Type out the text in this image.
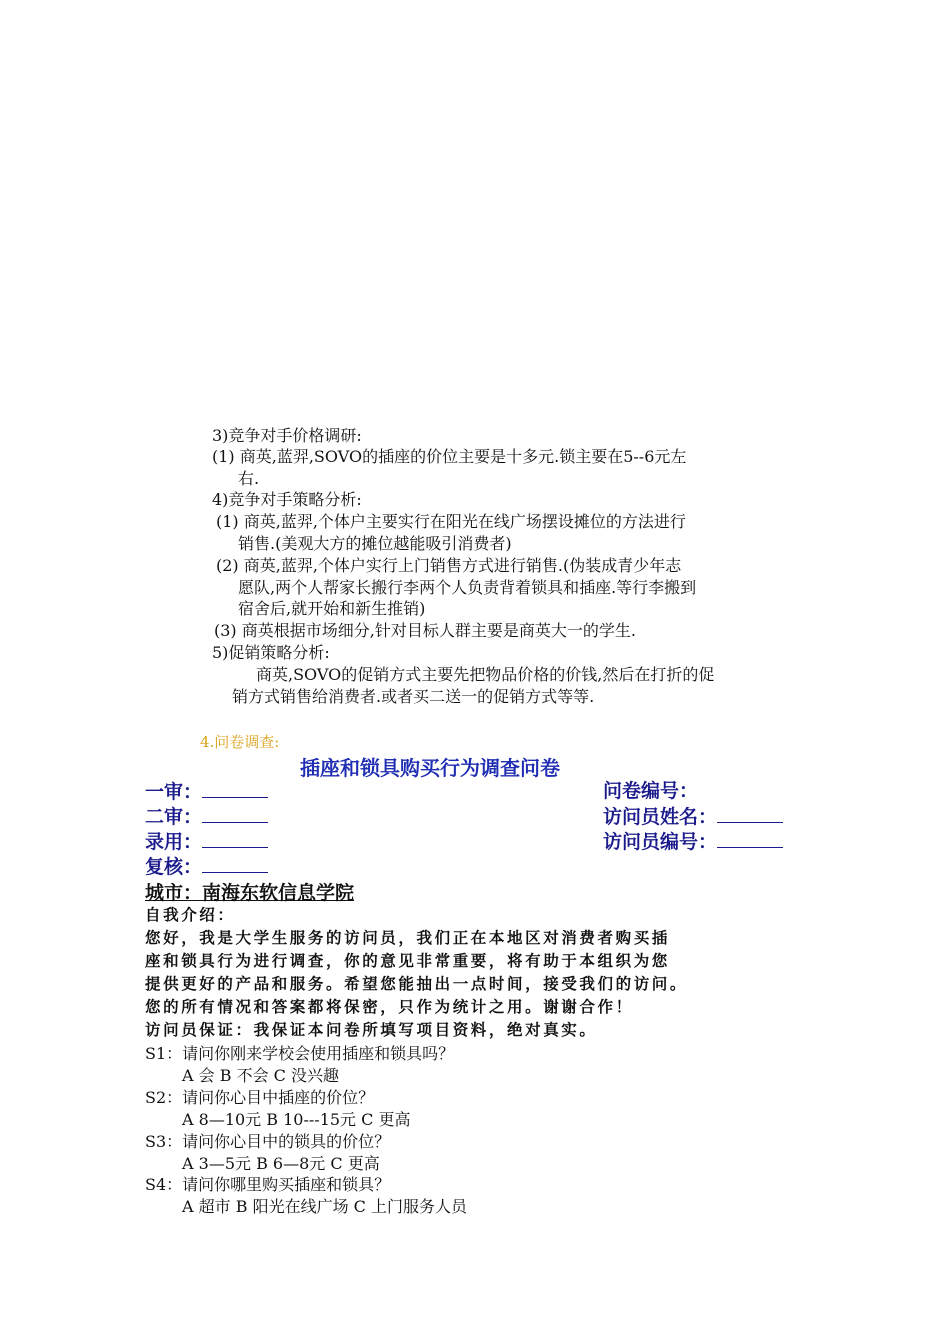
3)竞争对手价格调研:
(1) 商英,蓝羿,SOVO的插座的价位主要是十多元.锁主要在5--6元左
右.
4)竞争对手策略分析:
(1) 商英,蓝羿,个体户主要实行在阳光在线广场摆设摊位的方法进行
销售.(美观大方的摊位越能吸引消费者)
(2) 商英,蓝羿,个体户实行上门销售方式进行销售.(伪装成青少年志
愿队,两个人帮家长搬行李两个人负责背着锁具和插座.等行李搬到
宿舍后,就开始和新生推销)
(3) 商英根据市场细分,针对目标人群主要是商英大一的学生.
5)促销策略分析:
商英,SOVO的促销方式主要先把物品价格的价钱,然后在打折的促
销方式销售给消费者.或者买二送一的促销方式等等.
4.问卷调查:
插座和锁具购买行为调查问卷
一审：
二审：
录用：
复核：
问卷编号：
访问员姓名：
访问员编号：
城市：南海东软信息学院
自我介绍：
您好，我是大学生服务的访问员，我们正在本地区对消费者购买插
座和锁具行为进行调查，你的意见非常重要，将有助于本组织为您
提供更好的产品和服务。希望您能抽出一点时间，接受我们的访问。
您的所有情况和答案都将保密，只作为统计之用。谢谢合作！
访问员保证：我保证本问卷所填写项目资料，绝对真实。
S1：请问你刚来学校会使用插座和锁具吗？
A 会 B 不会 C 没兴趣
S2：请问你心目中插座的价位？
A 8—10元 B 10---15元 C 更高
S3：请问你心目中的锁具的价位？
A 3—5元 B 6—8元 C 更高
S4：请问你哪里购买插座和锁具？
A 超市 B 阳光在线广场 C 上门服务人员
